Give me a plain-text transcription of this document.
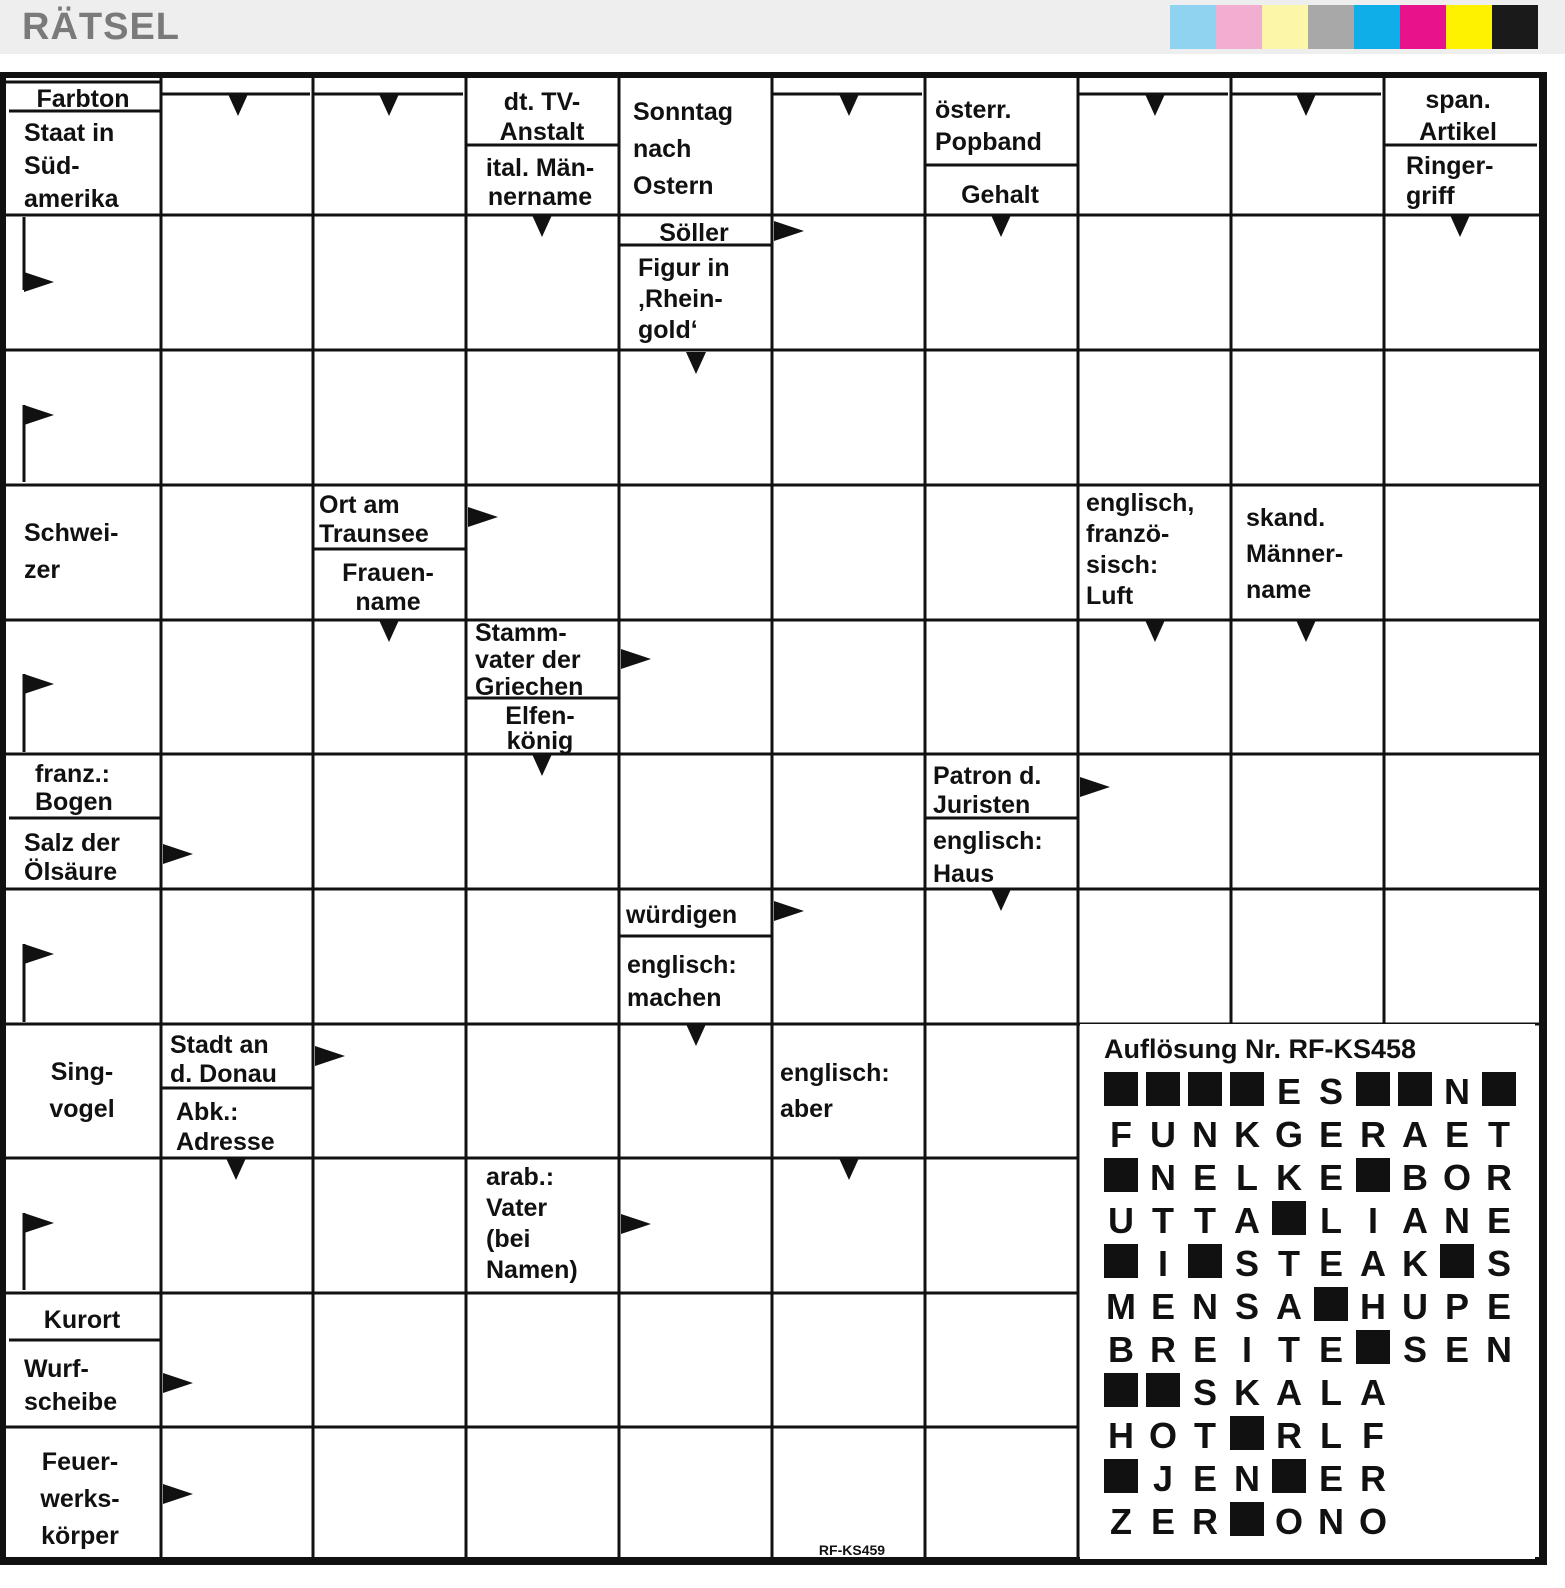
RÄTSEL
Farbton
Staat in Süd-amerika
dt. TV-Anstalt
ital. Män-nername
Sonntag nach Ostern
österr. Popband
Gehalt
span. Artikel
Ringer-griff
Söller
Figur in ‚Rhein-gold‘
Schwei-zer
Ort am Traunsee
Frauen-name
englisch, franzö-sisch: Luft
skand. Männer-name
Stamm-vater der Griechen
Elfen-könig
franz.: Bogen
Salz der Ölsäure
Patron d. Juristen
englisch: Haus
würdigen
englisch: machen
Sing-vogel
Stadt an d. Donau
Abk.: Adresse
englisch: aber
arab.: Vater (bei Namen)
Kurort
Wurf-scheibe
Feuer-werks-körper
Auflösung Nr. RF-KS458
E S	N
F U N K G E R A E T
N E L K E B O R
U T T A L I A N E
I S T E A K S
M E N S A H U P E
B R E I T E S E N
S K A L A
H O T R L F
J E N E R
Z E R O N O
RF-KS459
